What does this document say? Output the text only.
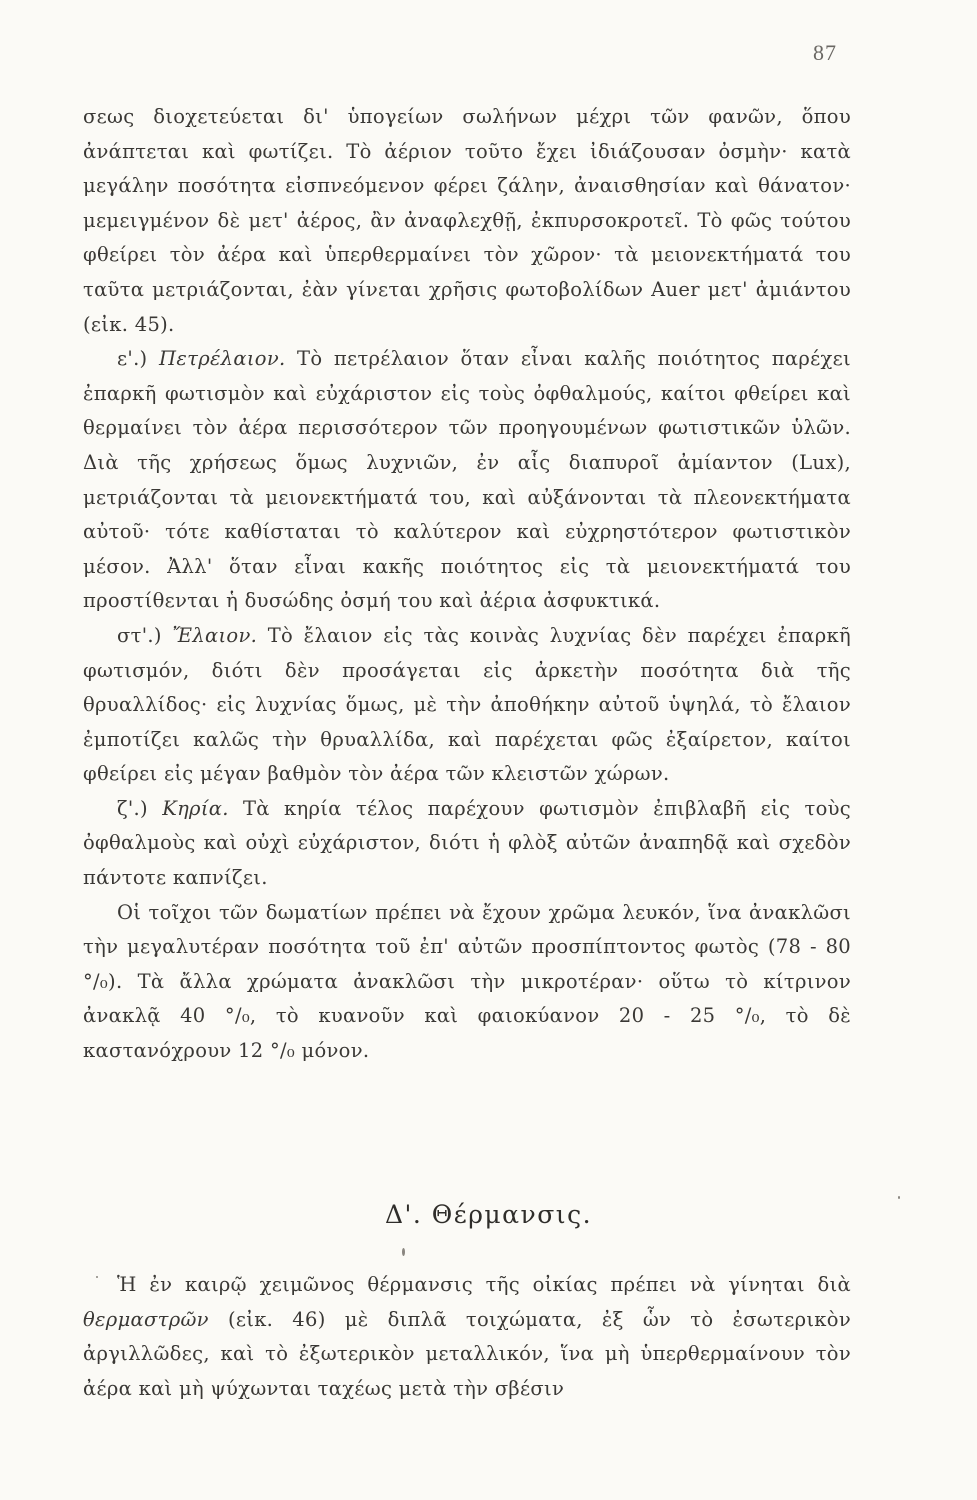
87

σεως διοχετεύεται δι' ὑπογείων σωλήνων μέχρι τῶν φανῶν, ὅπου ἀνάπτεται καὶ φωτίζει. Τὸ ἀέριον τοῦτο ἔχει ἰδιάζουσαν ὀσμὴν· κατὰ μεγάλην ποσότητα εἰσπνεόμενον φέρει ζάλην, ἀναισθησίαν καὶ θάνατον· μεμειγμένον δὲ μετ' ἀέρος, ἂν ἀναφλεχθῇ, ἐκπυρσοκροτεῖ. Τὸ φῶς τούτου φθείρει τὸν ἀέρα καὶ ὑπερθερμαίνει τὸν χῶρον· τὰ μειονεκτήματά του ταῦτα μετριάζονται, ἐὰν γίνεται χρῆσις φωτοβολίδων Auer μετ' ἀμιάντου (εἰκ. 45).

ε'.) Πετρέλαιον. Τὸ πετρέλαιον ὅταν εἶναι καλῆς ποιότητος παρέχει ἐπαρκῆ φωτισμὸν καὶ εὐχάριστον εἰς τοὺς ὀφθαλμούς, καίτοι φθείρει καὶ θερμαίνει τὸν ἀέρα περισσότερον τῶν προηγουμένων φωτιστικῶν ὑλῶν. Διὰ τῆς χρήσεως ὅμως λυχνιῶν, ἐν αἷς διαπυροῖ ἀμίαντον (Lux), μετριάζονται τὰ μειονεκτήματά του, καὶ αὐξάνονται τὰ πλεονεκτήματα αὐτοῦ· τότε καθίσταται τὸ καλύτερον καὶ εὐχρηστότερον φωτιστικὸν μέσον. Ἀλλ' ὅταν εἶναι κακῆς ποιότητος εἰς τὰ μειονεκτήματά του προστίθενται ἡ δυσώδης ὀσμή του καὶ ἀέρια ἀσφυκτικά.

στ'.) Ἔλαιον. Τὸ ἔλαιον εἰς τὰς κοινὰς λυχνίας δὲν παρέχει ἐπαρκῆ φωτισμόν, διότι δὲν προσάγεται εἰς ἀρκετὴν ποσότητα διὰ τῆς θρυαλλίδος· εἰς λυχνίας ὅμως, μὲ τὴν ἀποθήκην αὐτοῦ ὑψηλά, τὸ ἔλαιον ἐμποτίζει καλῶς τὴν θρυαλλίδα, καὶ παρέχεται φῶς ἐξαίρετον, καίτοι φθείρει εἰς μέγαν βαθμὸν τὸν ἀέρα τῶν κλειστῶν χώρων.

ζ'.) Κηρία. Τὰ κηρία τέλος παρέχουν φωτισμὸν ἐπιβλαβῆ εἰς τοὺς ὀφθαλμοὺς καὶ οὐχὶ εὐχάριστον, διότι ἡ φλὸξ αὐτῶν ἀναπηδᾷ καὶ σχεδὸν πάντοτε καπνίζει.

Οἱ τοῖχοι τῶν δωματίων πρέπει νὰ ἔχουν χρῶμα λευκόν, ἵνα ἀνακλῶσι τὴν μεγαλυτέραν ποσότητα τοῦ ἐπ' αὐτῶν προσπίπτοντος φωτὸς (78 - 80 °/₀). Τὰ ἄλλα χρώματα ἀνακλῶσι τὴν μικροτέραν· οὕτω τὸ κίτρινον ἀνακλᾷ 40 °/₀, τὸ κυανοῦν καὶ φαιοκύανον 20 - 25 °/₀, τὸ δὲ καστανόχρουν 12 °/₀ μόνον.

Δ'. Θέρμανσις.

Ἡ ἐν καιρῷ χειμῶνος θέρμανσις τῆς οἰκίας πρέπει νὰ γίνηται διὰ θερμαστρῶν (εἰκ. 46) μὲ διπλᾶ τοιχώματα, ἐξ ὧν τὸ ἐσωτερικὸν ἀργιλλῶδες, καὶ τὸ ἐξωτερικὸν μεταλλικόν, ἵνα μὴ ὑπερθερμαίνουν τὸν ἀέρα καὶ μὴ ψύχωνται ταχέως μετὰ τὴν σβέσιν
